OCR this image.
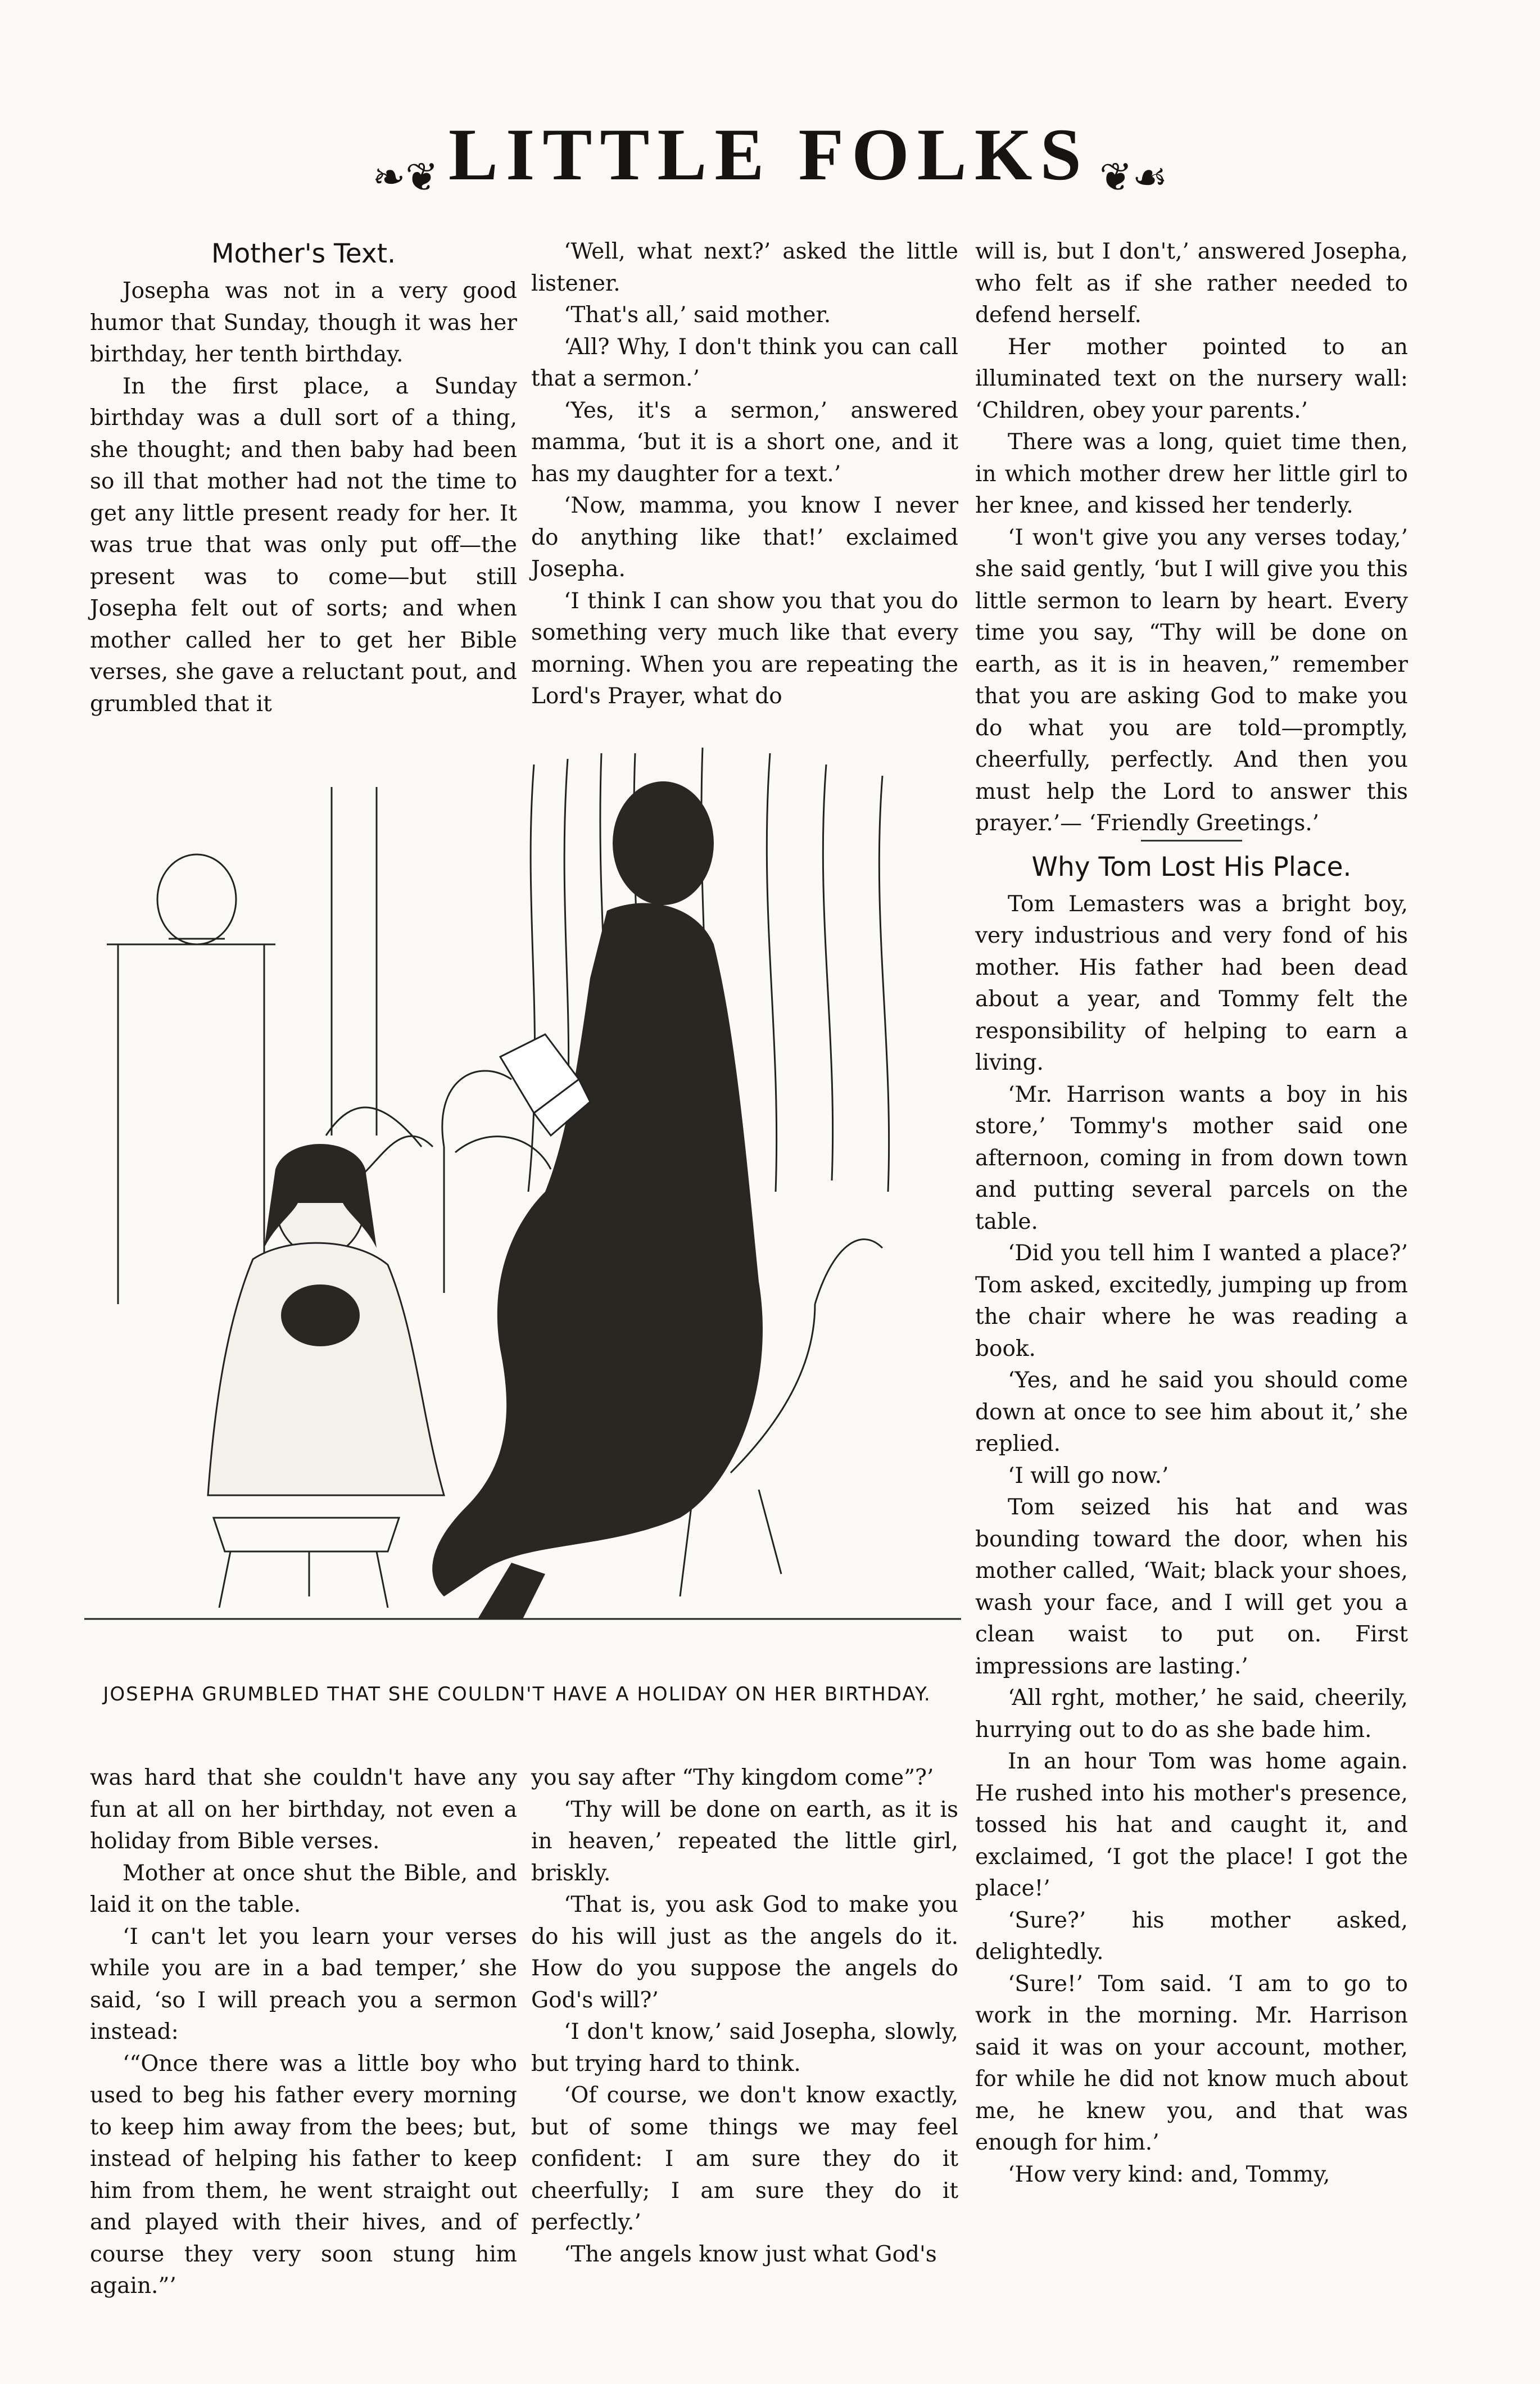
❧❦ LITTLE FOLKS ❦☙
Mother's Text.

Josepha was not in a very good humor that Sunday, though it was her birthday, her tenth birthday.

In the first place, a Sunday birthday was a dull sort of a thing, she thought; and then baby had been so ill that mother had not the time to get any little present ready for her. It was true that was only put off—the present was to come—but still Josepha felt out of sorts; and when mother called her to get her Bible verses, she gave a reluctant pout, and grumbled that it

‘Well, what next?’ asked the little listener.

‘That's all,’ said mother.

‘All? Why, I don't think you can call that a sermon.’

‘Yes, it's a sermon,’ answered mamma, ‘but it is a short one, and it has my daughter for a text.’

‘Now, mamma, you know I never do anything like that!’ exclaimed Josepha.

‘I think I can show you that you do something very much like that every morning. When you are repeating the Lord's Prayer, what do

will is, but I don't,’ answered Josepha, who felt as if she rather needed to defend herself.

Her mother pointed to an illuminated text on the nursery wall: ‘Children, obey your parents.’

There was a long, quiet time then, in which mother drew her little girl to her knee, and kissed her tenderly.

‘I won't give you any verses today,’ she said gently, ‘but I will give you this little sermon to learn by heart. Every time you say, “Thy will be done on earth, as it is in heaven,” remember that you are asking God to make you do what you are told—promptly, cheerfully, perfectly. And then you must help the Lord to answer this prayer.’— ‘Friendly Greetings.’

Why Tom Lost His Place.

Tom Lemasters was a bright boy, very industrious and very fond of his mother. His father had been dead about a year, and Tommy felt the responsibility of helping to earn a living.

‘Mr. Harrison wants a boy in his store,’ Tommy's mother said one afternoon, coming in from down town and putting several parcels on the table.

‘Did you tell him I wanted a place?’ Tom asked, excitedly, jumping up from the chair where he was reading a book.

‘Yes, and he said you should come down at once to see him about it,’ she replied.

‘I will go now.’

Tom seized his hat and was bounding toward the door, when his mother called, ‘Wait; black your shoes, wash your face, and I will get you a clean waist to put on. First impressions are lasting.’

‘All rght, mother,’ he said, cheerily, hurrying out to do as she bade him.

In an hour Tom was home again. He rushed into his mother's presence, tossed his hat and caught it, and exclaimed, ‘I got the place! I got the place!’

‘Sure?’ his mother asked, delightedly.

‘Sure!’ Tom said. ‘I am to go to work in the morning. Mr. Harrison said it was on your account, mother, for while he did not know much about me, he knew you, and that was enough for him.’

‘How very kind: and, Tommy,

JOSEPHA GRUMBLED THAT SHE COULDN'T HAVE A HOLIDAY ON HER BIRTHDAY.

was hard that she couldn't have any fun at all on her birthday, not even a holiday from Bible verses.

Mother at once shut the Bible, and laid it on the table.

‘I can't let you learn your verses while you are in a bad temper,’ she said, ‘so I will preach you a sermon instead:

‘“Once there was a little boy who used to beg his father every morning to keep him away from the bees; but, instead of helping his father to keep him from them, he went straight out and played with their hives, and of course they very soon stung him again.”’

you say after “Thy kingdom come”?’

‘Thy will be done on earth, as it is in heaven,’ repeated the little girl, briskly.

‘That is, you ask God to make you do his will just as the angels do it. How do you suppose the angels do God's will?’

‘I don't know,’ said Josepha, slowly, but trying hard to think.

‘Of course, we don't know exactly, but of some things we may feel confident: I am sure they do it cheerfully; I am sure they do it perfectly.’

‘The angels know just what God's
